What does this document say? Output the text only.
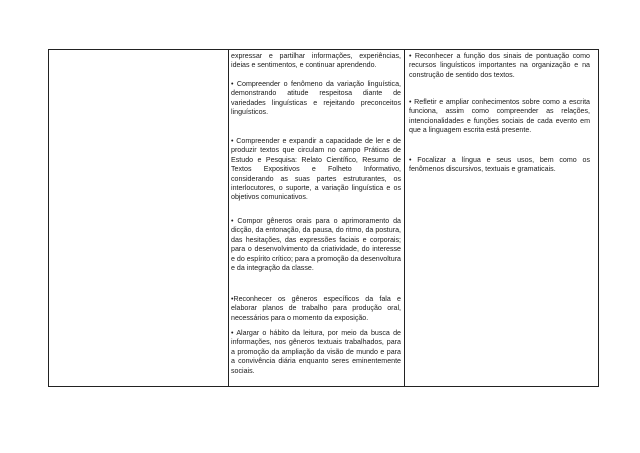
expressar e partilhar informações, experiências, ideias e sentimentos, e continuar aprendendo.

• Compreender o fenômeno da variação linguística, demonstrando atitude respeitosa diante de variedades linguísticas e rejeitando preconceitos linguísticos.

• Compreender e expandir a capacidade de ler e de produzir textos que circulam no campo Práticas de Estudo e Pesquisa: Relato Científico, Resumo de Textos Expositivos e Folheto Informativo, considerando as suas partes estruturantes, os interlocutores, o suporte, a variação linguística e os objetivos comunicativos.

• Compor gêneros orais para o aprimoramento da dicção, da entonação, da pausa, do ritmo, da postura, das hesitações, das expressões faciais e corporais; para o desenvolvimento da criatividade, do interesse e do espírito crítico; para a promoção da desenvoltura e da integração da classe.

•Reconhecer os gêneros específicos da fala e elaborar planos de trabalho para produção oral, necessários para o momento da exposição.

• Alargar o hábito da leitura, por meio da busca de informações, nos gêneros textuais trabalhados, para a promoção da ampliação da visão de mundo e para a convivência diária enquanto seres eminentemente sociais.

• Reconhecer a função dos sinais de pontuação como recursos linguísticos importantes na organização e na construção de sentido dos textos.

• Refletir e ampliar conhecimentos sobre como a escrita funciona, assim como compreender as relações, intencionalidades e funções sociais de cada evento em que a linguagem escrita está presente.

• Focalizar a língua e seus usos, bem como os fenômenos discursivos, textuais e gramaticais.
